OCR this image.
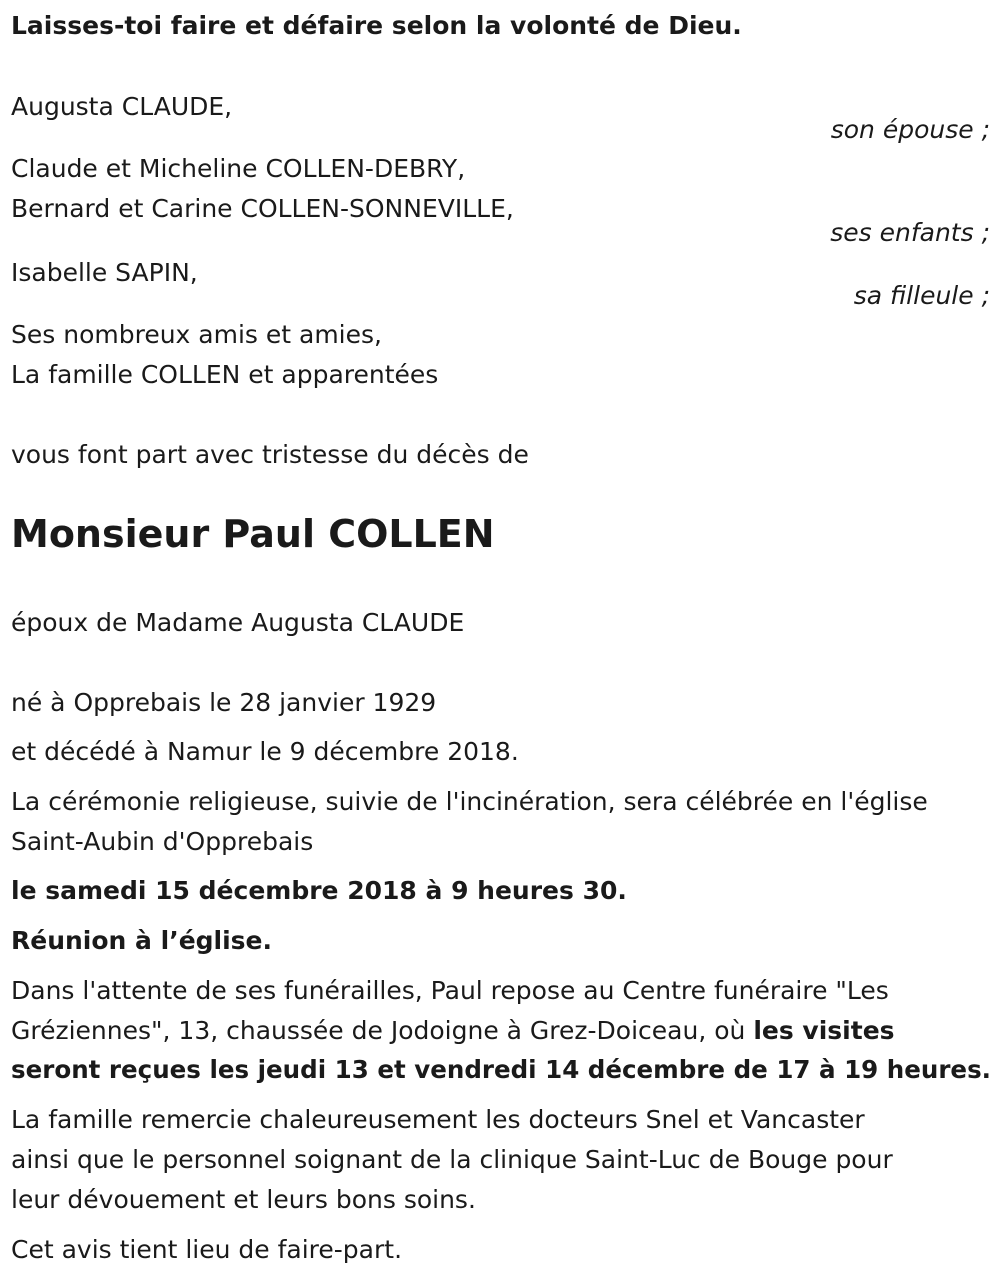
Laisses-toi faire et défaire selon la volonté de Dieu.
Augusta CLAUDE,
son épouse ;
Claude et Micheline COLLEN-DEBRY,
Bernard et Carine COLLEN-SONNEVILLE,
ses enfants ;
Isabelle SAPIN,
sa filleule ;
Ses nombreux amis et amies,
La famille COLLEN et apparentées
vous font part avec tristesse du décès de
Monsieur Paul COLLEN
époux de Madame Augusta CLAUDE
né à Opprebais le 28 janvier 1929
et décédé à Namur le 9 décembre 2018.
La cérémonie religieuse, suivie de l'incinération, sera célébrée en l'église
Saint-Aubin d'Opprebais
le samedi 15 décembre 2018 à 9 heures 30.
Réunion à l’église.
Dans l'attente de ses funérailles, Paul repose au Centre funéraire "Les
Gréziennes", 13, chaussée de Jodoigne à Grez-Doiceau, où les visites
seront reçues les jeudi 13 et vendredi 14 décembre de 17 à 19 heures.
La famille remercie chaleureusement les docteurs Snel et Vancaster
ainsi que le personnel soignant de la clinique Saint-Luc de Bouge pour
leur dévouement et leurs bons soins.
Cet avis tient lieu de faire-part.
